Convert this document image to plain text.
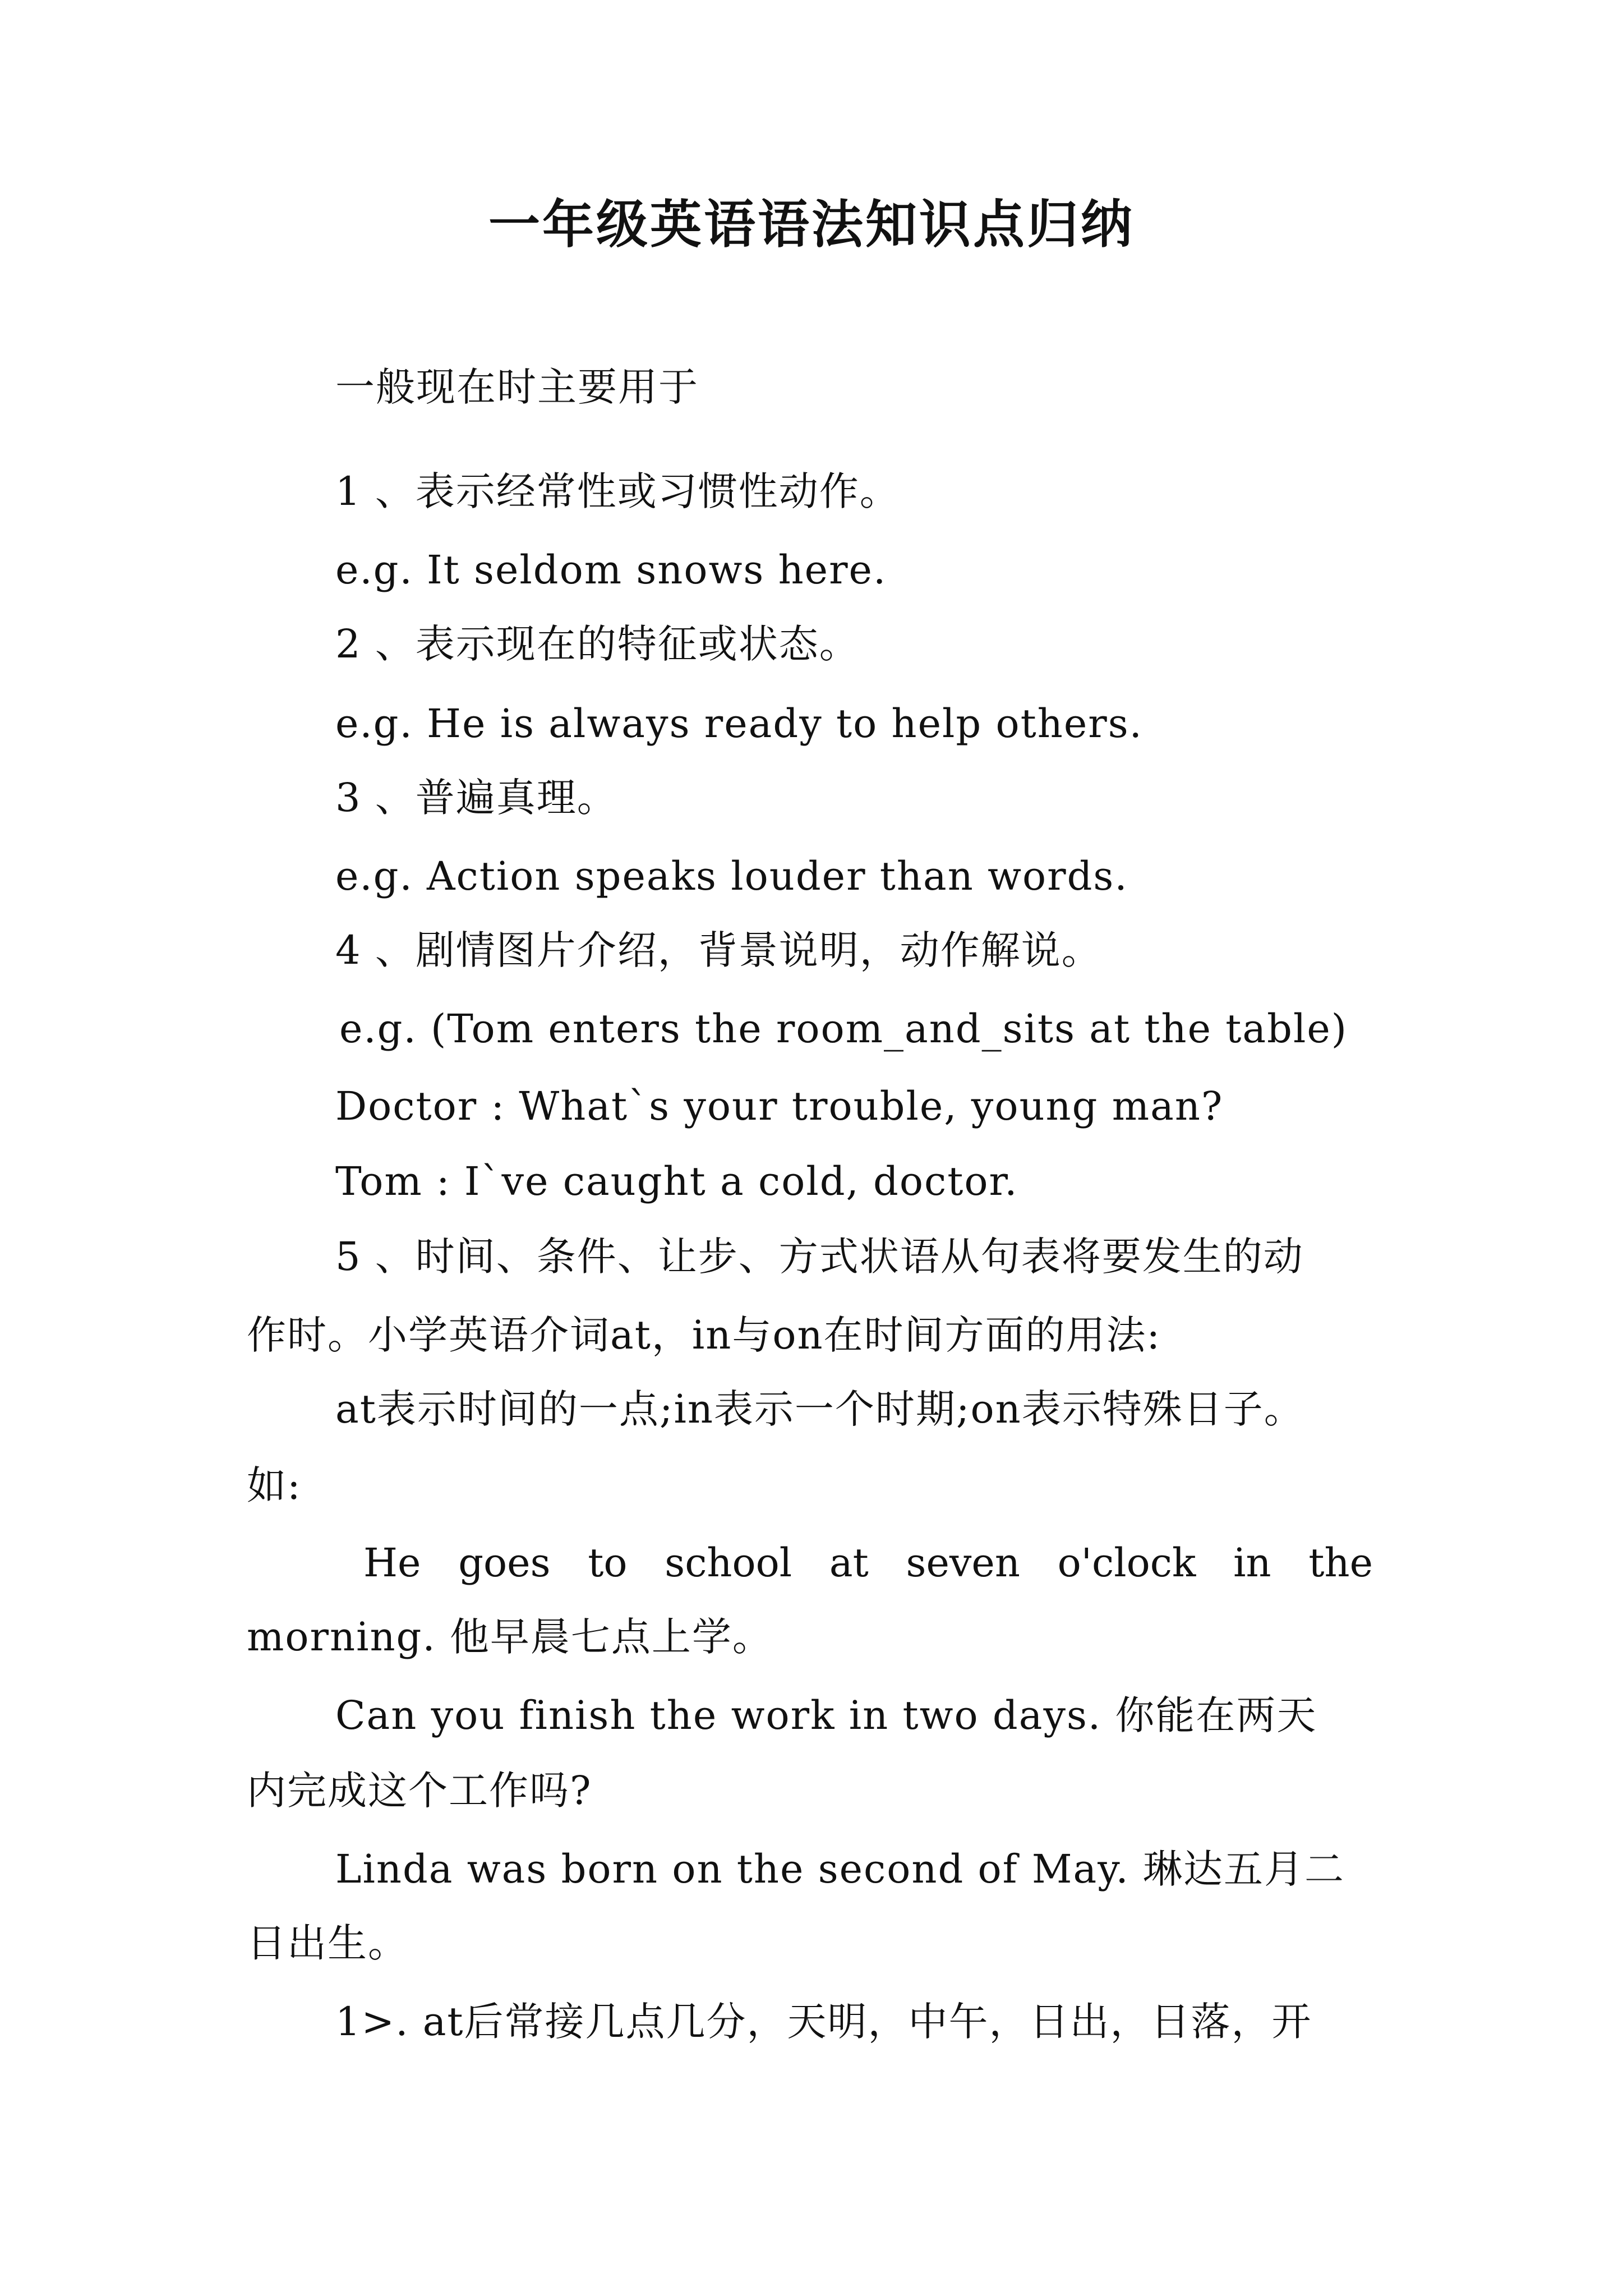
一年级英语语法知识点归纳
一般现在时主要用于
1 、表示经常性或习惯性动作。
e.g. It seldom snows here.
2 、表示现在的特征或状态。
e.g. He is always ready to help others.
3 、普遍真理。
e.g. Action speaks louder than words.
4 、剧情图片介绍，背景说明，动作解说。
e.g. (Tom enters the room_and_sits at the table)
Doctor : What`s your trouble, young man?
Tom : I`ve caught a cold, doctor.
5 、时间、条件、让步、方式状语从句表将要发生的动
作时。小学英语介词at，in与on在时间方面的用法:
at表示时间的一点;in表示一个时期;on表示特殊日子。
如:
He goes to school at seven o'clock in the
morning. 他早晨七点上学。
Can you finish the work in two days. 你能在两天
内完成这个工作吗?
Linda was born on the second of May. 琳达五月二
日出生。
1>. at后常接几点几分，天明，中午，日出，日落，开
